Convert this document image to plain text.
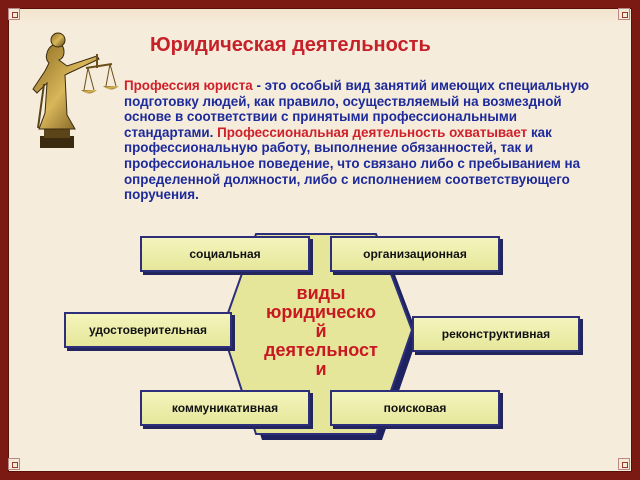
Юридическая деятельность
Профессия юриста - это особый вид занятий имеющих специальную подготовку людей, как правило, осуществляемый на возмездной основе в соответствии с принятыми профессиональными стандартами. Профессиональная деятельность охватывает как профессиональную работу, выполнение обязанностей, так и профессиональное поведение, что связано либо с пребыванием на определенной должности, либо с исполнением соответствующего поручения.
виды
юридическо
й
деятельност
и
социальная	организационная
удостоверительная	реконструктивная
коммуникативная	поисковая
